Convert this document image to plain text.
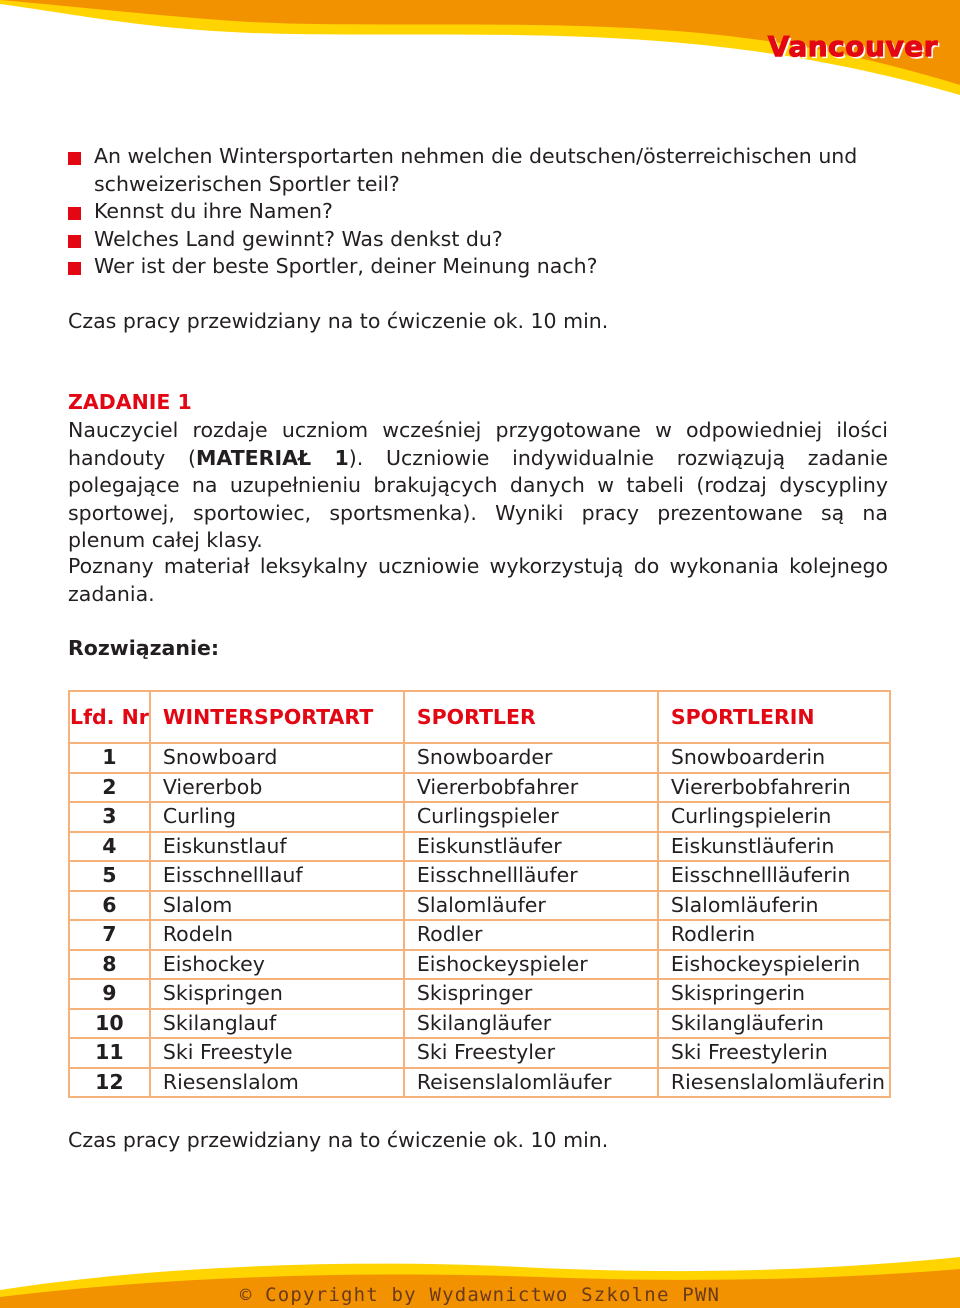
Vancouver
An welchen Wintersportarten nehmen die deutschen/österreichischen und schweizerischen Sportler teil?
Kennst du ihre Namen?
Welches Land gewinnt? Was denkst du?
Wer ist der beste Sportler, deiner Meinung nach?
Czas pracy przewidziany na to ćwiczenie ok. 10 min.
ZADANIE 1
Nauczyciel rozdaje uczniom wcześniej przygotowane w odpowiedniej ilości handouty (MATERIAŁ 1). Uczniowie indywidualnie rozwiązują zadanie polegające na uzupełnieniu brakujących danych w tabeli (rodzaj dyscypliny sportowej, sportowiec, sportsmenka). Wyniki pracy prezentowane są na plenum całej klasy.
Poznany materiał leksykalny uczniowie wykorzystują do wykonania kolejnego zadania.
Rozwiązanie:
Lfd. Nr	WINTERSPORTART	SPORTLER	SPORTLERIN
1	Snowboard	Snowboarder	Snowboarderin
2	Viererbob	Viererbobfahrer	Viererbobfahrerin
3	Curling	Curlingspieler	Curlingspielerin
4	Eiskunstlauf	Eiskunstläufer	Eiskunstläuferin
5	Eisschnelllauf	Eisschnellläufer	Eisschnellläuferin
6	Slalom	Slalomläufer	Slalomläuferin
7	Rodeln	Rodler	Rodlerin
8	Eishockey	Eishockeyspieler	Eishockeyspielerin
9	Skispringen	Skispringer	Skispringerin
10	Skilanglauf	Skilangläufer	Skilangläuferin
11	Ski Freestyle	Ski Freestyler	Ski Freestylerin
12	Riesenslalom	Reisenslalomläufer	Riesenslalomläuferin
Czas pracy przewidziany na to ćwiczenie ok. 10 min.
© Copyright by Wydawnictwo Szkolne PWN
